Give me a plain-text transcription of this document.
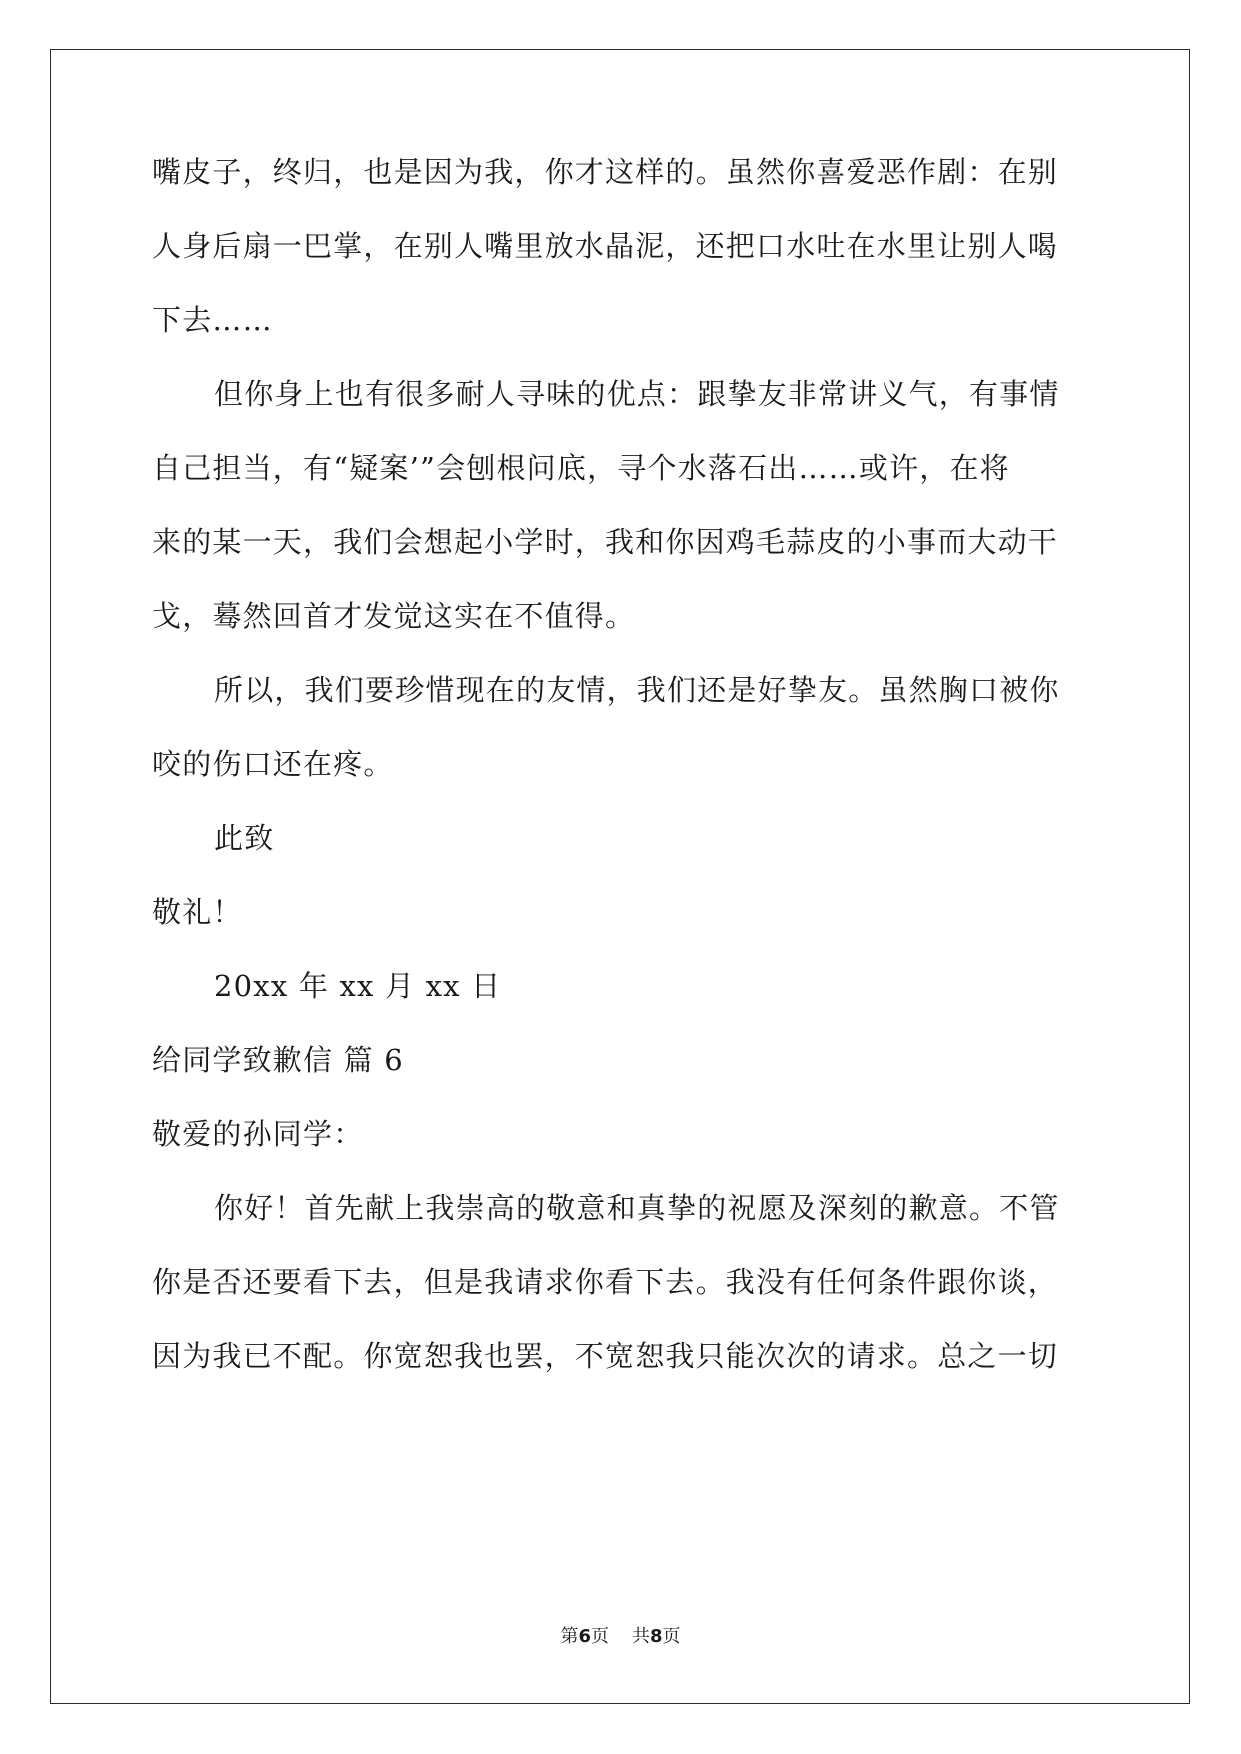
嘴皮子，终归，也是因为我，你才这样的。虽然你喜爱恶作剧：在别
人身后扇一巴掌，在别人嘴里放水晶泥，还把口水吐在水里让别人喝
下去……
但你身上也有很多耐人寻味的优点：跟挚友非常讲义气，有事情
自己担当，有“疑案’”会刨根问底，寻个水落石出……或许，在将
来的某一天，我们会想起小学时，我和你因鸡毛蒜皮的小事而大动干
戈，蓦然回首才发觉这实在不值得。
所以，我们要珍惜现在的友情，我们还是好挚友。虽然胸口被你
咬的伤口还在疼。
此致
敬礼！
20xx 年 xx 月 xx 日
给同学致歉信 篇 6
敬爱的孙同学：
你好！首先献上我崇高的敬意和真挚的祝愿及深刻的歉意。不管
你是否还要看下去，但是我请求你看下去。我没有任何条件跟你谈，
因为我已不配。你宽恕我也罢，不宽恕我只能次次的请求。总之一切
第6页 共8页
